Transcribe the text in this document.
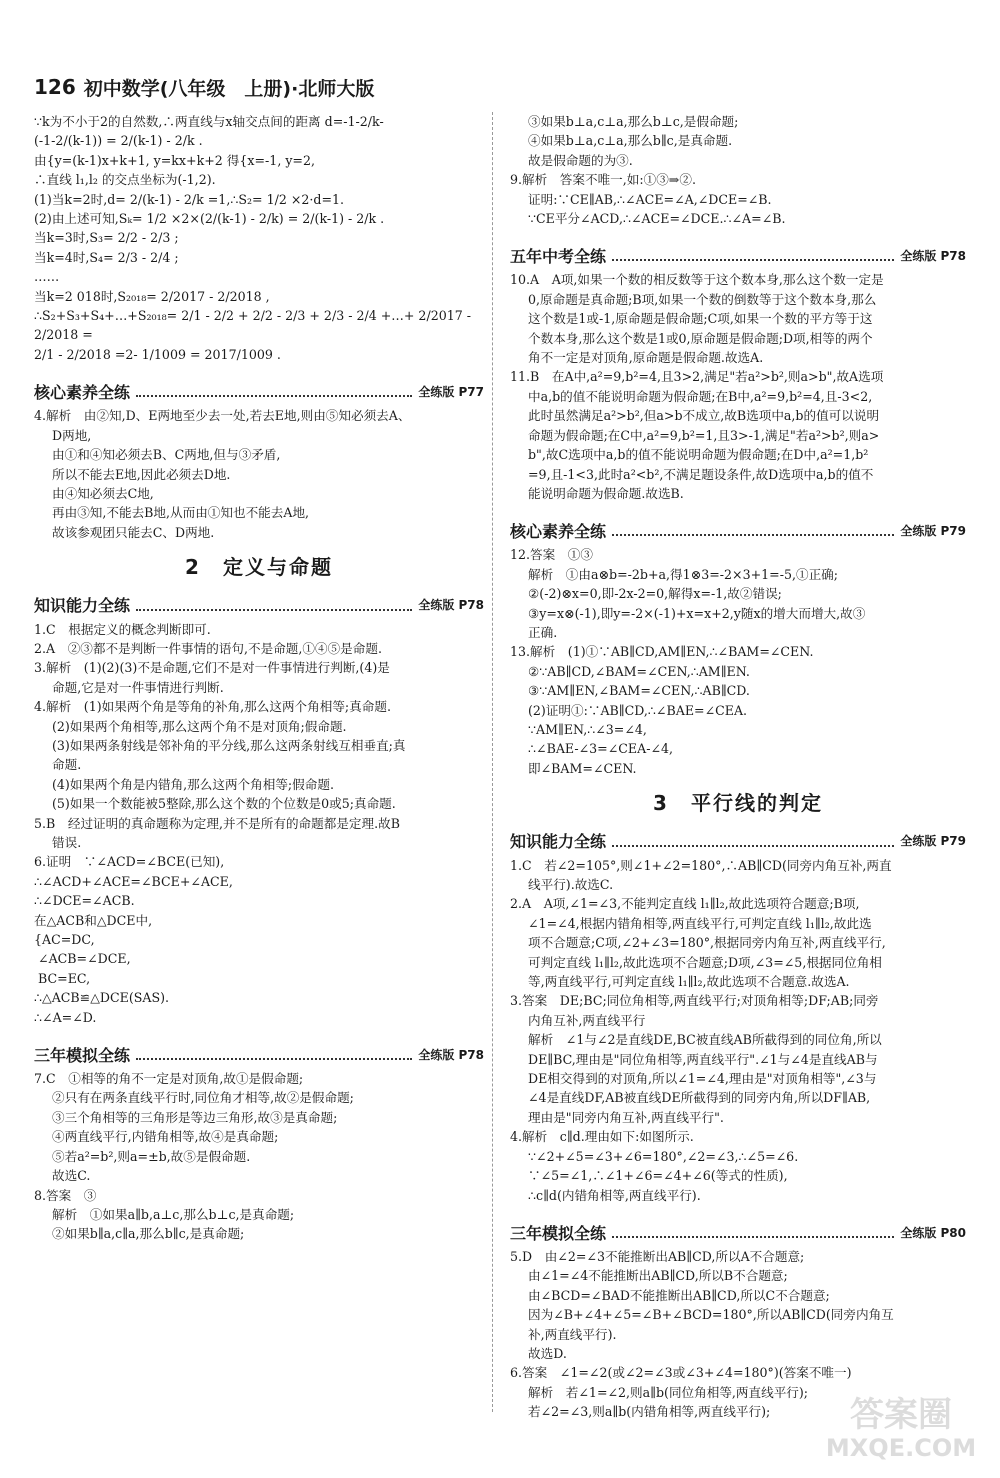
126 初中数学(八年级　上册)·北师大版
∵k为不小于2的自然数,∴两直线与x轴交点间的距离 d=-1-2/k-
(-1-2/(k-1)) = 2/(k-1) - 2/k .
由{y=(k-1)x+k+1, y=kx+k+2 得{x=-1, y=2,
∴直线 l₁,l₂ 的交点坐标为(-1,2).
(1)当k=2时,d= 2/(k-1) - 2/k =1,∴S₂= 1/2 ×2·d=1.
(2)由上述可知,Sₖ= 1/2 ×2×(2/(k-1) - 2/k) = 2/(k-1) - 2/k .
当k=3时,S₃= 2/2 - 2/3 ;
当k=4时,S₄= 2/3 - 2/4 ;
……
当k=2 018时,S₂₀₁₈= 2/2017 - 2/2018 ,
∴S₂+S₃+S₄+…+S₂₀₁₈= 2/1 - 2/2 + 2/2 - 2/3 + 2/3 - 2/4 +…+ 2/2017 - 2/2018 =
2/1 - 2/2018 =2- 1/1009 = 2017/1009 .
核心素养全练	全练版 P77
4.解析　由②知,D、E两地至少去一处,若去E地,则由⑤知必须去A、
D两地,
由①和④知必须去B、C两地,但与③矛盾,
所以不能去E地,因此必须去D地.
由④知必须去C地,
再由③知,不能去B地,从而由①知也不能去A地,
故该参观团只能去C、D两地.
2　定义与命题
知识能力全练	全练版 P78
1.C　根据定义的概念判断即可.
2.A　②③都不是判断一件事情的语句,不是命题,①④⑤是命题.
3.解析　(1)(2)(3)不是命题,它们不是对一件事情进行判断,(4)是
命题,它是对一件事情进行判断.
4.解析　(1)如果两个角是等角的补角,那么这两个角相等;真命题.
(2)如果两个角相等,那么这两个角不是对顶角;假命题.
(3)如果两条射线是邻补角的平分线,那么这两条射线互相垂直;真
命题.
(4)如果两个角是内错角,那么这两个角相等;假命题.
(5)如果一个数能被5整除,那么这个数的个位数是0或5;真命题.
5.B　经过证明的真命题称为定理,并不是所有的命题都是定理.故B
错误.
6.证明　∵∠ACD=∠BCE(已知),
∴∠ACD+∠ACE=∠BCE+∠ACE,
∴∠DCE=∠ACB.
在△ACB和△DCE中,
{AC=DC,
∠ACB=∠DCE,
BC=EC,
∴△ACB≌△DCE(SAS).
∴∠A=∠D.
三年模拟全练	全练版 P78
7.C　①相等的角不一定是对顶角,故①是假命题;
②只有在两条直线平行时,同位角才相等,故②是假命题;
③三个角相等的三角形是等边三角形,故③是真命题;
④两直线平行,内错角相等,故④是真命题;
⑤若a²=b²,则a=±b,故⑤是假命题.
故选C.
8.答案　③
解析　①如果a∥b,a⊥c,那么b⊥c,是真命题;
②如果b∥a,c∥a,那么b∥c,是真命题;
③如果b⊥a,c⊥a,那么b⊥c,是假命题;
④如果b⊥a,c⊥a,那么b∥c,是真命题.
故是假命题的为③.
9.解析　答案不唯一,如:①③⇒②.
证明:∵CE∥AB,∴∠ACE=∠A,∠DCE=∠B.
∵CE平分∠ACD,∴∠ACE=∠DCE.∴∠A=∠B.
五年中考全练	全练版 P78
10.A　A项,如果一个数的相反数等于这个数本身,那么这个数一定是
0,原命题是真命题;B项,如果一个数的倒数等于这个数本身,那么
这个数是1或-1,原命题是假命题;C项,如果一个数的平方等于这
个数本身,那么这个数是1或0,原命题是假命题;D项,相等的两个
角不一定是对顶角,原命题是假命题.故选A.
11.B　在A中,a²=9,b²=4,且3>2,满足"若a²>b²,则a>b",故A选项
中a,b的值不能说明命题为假命题;在B中,a²=9,b²=4,且-3<2,
此时虽然满足a²>b²,但a>b不成立,故B选项中a,b的值可以说明
命题为假命题;在C中,a²=9,b²=1,且3>-1,满足"若a²>b²,则a>
b",故C选项中a,b的值不能说明命题为假命题;在D中,a²=1,b²
=9,且-1<3,此时a²<b²,不满足题设条件,故D选项中a,b的值不
能说明命题为假命题.故选B.
核心素养全练	全练版 P79
12.答案　①③
解析　①由a⊗b=-2b+a,得1⊗3=-2×3+1=-5,①正确;
②(-2)⊗x=0,即-2x-2=0,解得x=-1,故②错误;
③y=x⊗(-1),即y=-2×(-1)+x=x+2,y随x的增大而增大,故③
正确.
13.解析　(1)①∵AB∥CD,AM∥EN,∴∠BAM=∠CEN.
②∵AB∥CD,∠BAM=∠CEN,∴AM∥EN.
③∵AM∥EN,∠BAM=∠CEN,∴AB∥CD.
(2)证明①:∵AB∥CD,∴∠BAE=∠CEA.
∵AM∥EN,∴∠3=∠4,
∴∠BAE-∠3=∠CEA-∠4,
即∠BAM=∠CEN.
3　平行线的判定
知识能力全练	全练版 P79
1.C　若∠2=105°,则∠1+∠2=180°,∴AB∥CD(同旁内角互补,两直
线平行).故选C.
2.A　A项,∠1=∠3,不能判定直线 l₁∥l₂,故此选项符合题意;B项,
∠1=∠4,根据内错角相等,两直线平行,可判定直线 l₁∥l₂,故此选
项不合题意;C项,∠2+∠3=180°,根据同旁内角互补,两直线平行,
可判定直线 l₁∥l₂,故此选项不合题意;D项,∠3=∠5,根据同位角相
等,两直线平行,可判定直线 l₁∥l₂,故此选项不合题意.故选A.
3.答案　DE;BC;同位角相等,两直线平行;对顶角相等;DF;AB;同旁
内角互补,两直线平行
解析　∠1与∠2是直线DE,BC被直线AB所截得到的同位角,所以
DE∥BC,理由是"同位角相等,两直线平行".∠1与∠4是直线AB与
DE相交得到的对顶角,所以∠1=∠4,理由是"对顶角相等",∠3与
∠4是直线DF,AB被直线DE所截得到的同旁内角,所以DF∥AB,
理由是"同旁内角互补,两直线平行".
4.解析　c∥d.理由如下:如图所示.
∵∠2+∠5=∠3+∠6=180°,∠2=∠3,∴∠5=∠6.
∵∠5=∠1,∴∠1+∠6=∠4+∠6(等式的性质),
∴c∥d(内错角相等,两直线平行).
三年模拟全练	全练版 P80
5.D　由∠2=∠3不能推断出AB∥CD,所以A不合题意;
由∠1=∠4不能推断出AB∥CD,所以B不合题意;
由∠BCD=∠BAD不能推断出AB∥CD,所以C不合题意;
因为∠B+∠4+∠5=∠B+∠BCD=180°,所以AB∥CD(同旁内角互
补,两直线平行).
故选D.
6.答案　∠1=∠2(或∠2=∠3或∠3+∠4=180°)(答案不唯一)
解析　若∠1=∠2,则a∥b(同位角相等,两直线平行);
若∠2=∠3,则a∥b(内错角相等,两直线平行);	答案圈
MXQE.COM
